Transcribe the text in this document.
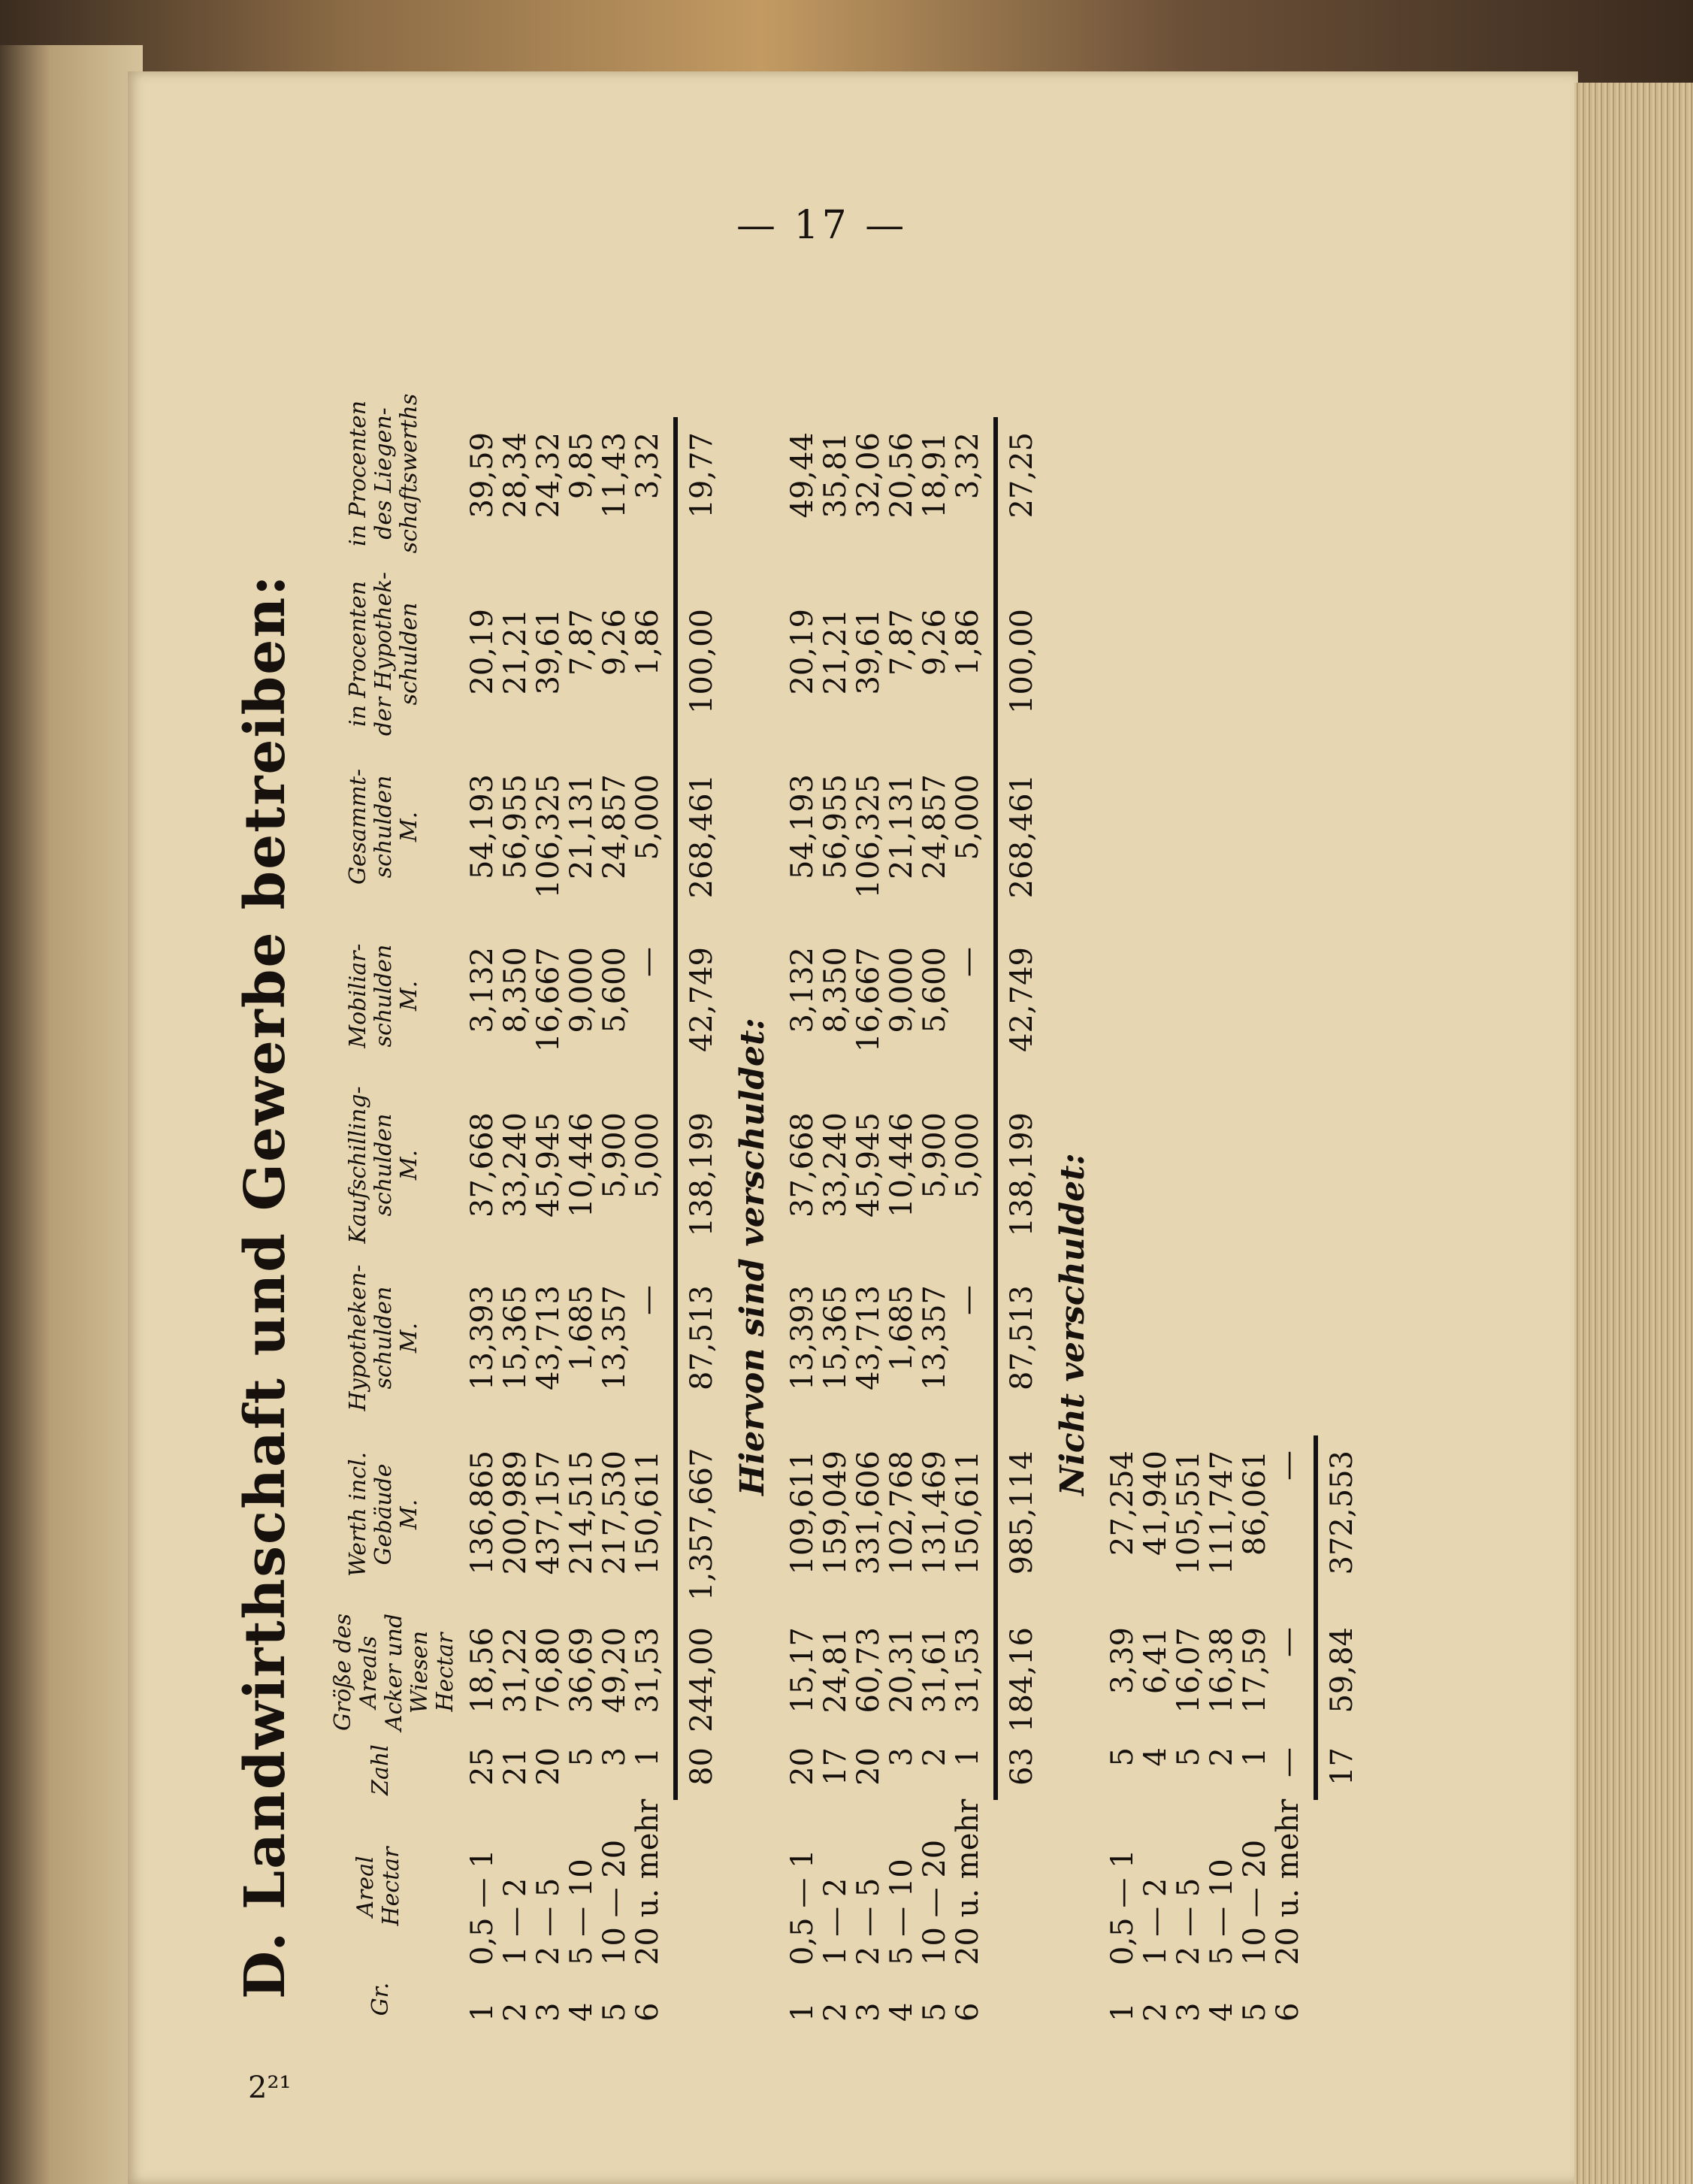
— 17 —
2²¹
D. Landwirthschaft und Gewerbe betreiben:
Gr.
Areal
Hectar
Zahl
Größe des
Areals
Acker und
Wiesen
Hectar
Werth incl.
Gebäude
M.
Hypotheken-
schulden
M.
Kaufschilling-
schulden
M.
Mobiliar-
schulden
M.
Gesammt-
schulden
M.
in Procenten
der Hypothek-
schulden
in Procenten
des Liegen-
schaftswerths
1
0,5 — 1
25
18,56
136,865
13,393
37,668
3,132
54,193
20,19
39,59
2
1 — 2
21
31,22
200,989
15,365
33,240
8,350
56,955
21,21
28,34
3
2 — 5
20
76,80
437,157
43,713
45,945
16,667
106,325
39,61
24,32
4
5 — 10
5
36,69
214,515
1,685
10,446
9,000
21,131
7,87
9,85
5
10 — 20
3
49,20
217,530
13,357
5,900
5,600
24,857
9,26
11,43
6
20 u. mehr
1
31,53
150,611
—
5,000
—
5,000
1,86
3,32
80
244,00
1,357,667
87,513
138,199
42,749
268,461
100,00
19,77
Hiervon sind verschuldet:
1
0,5 — 1
20
15,17
109,611
13,393
37,668
3,132
54,193
20,19
49,44
2
1 — 2
17
24,81
159,049
15,365
33,240
8,350
56,955
21,21
35,81
3
2 — 5
20
60,73
331,606
43,713
45,945
16,667
106,325
39,61
32,06
4
5 — 10
3
20,31
102,768
1,685
10,446
9,000
21,131
7,87
20,56
5
10 — 20
2
31,61
131,469
13,357
5,900
5,600
24,857
9,26
18,91
6
20 u. mehr
1
31,53
150,611
—
5,000
—
5,000
1,86
3,32
63
184,16
985,114
87,513
138,199
42,749
268,461
100,00
27,25
Nicht verschuldet:
1
0,5 — 1
5
3,39
27,254
2
1 — 2
4
6,41
41,940
3
2 — 5
5
16,07
105,551
4
5 — 10
2
16,38
111,747
5
10 — 20
1
17,59
86,061
6
20 u. mehr
—
—
—
17
59,84
372,553
